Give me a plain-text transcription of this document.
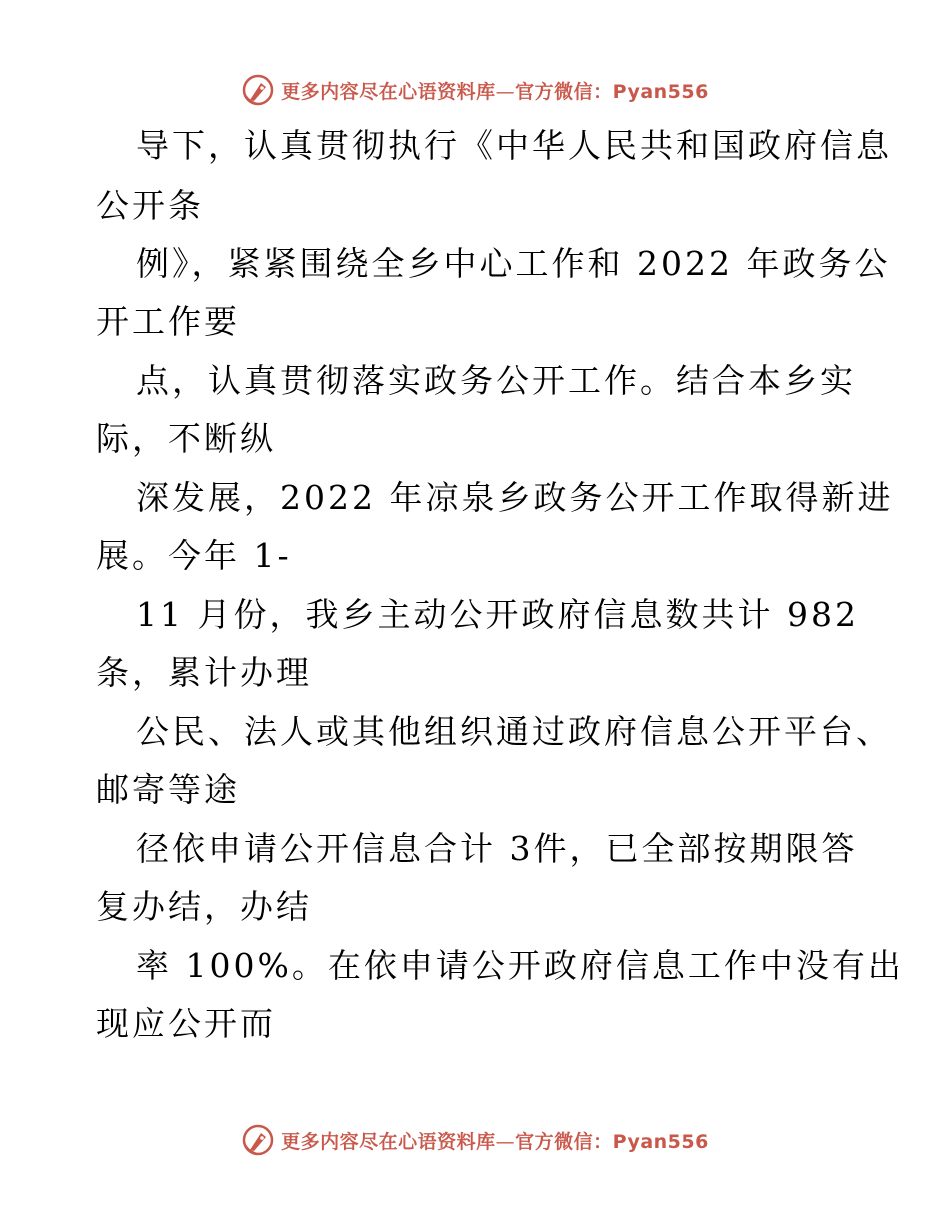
更多内容尽在心语资料库—官方微信：Pyan556
导下，认真贯彻执行《中华人民共和国政府信息
公开条
例》，紧紧围绕全乡中心工作和 2022 年政务公
开工作要
点，认真贯彻落实政务公开工作。结合本乡实
际，不断纵
深发展，2022 年凉泉乡政务公开工作取得新进
展。今年 1-
11 月份，我乡主动公开政府信息数共计 982
条，累计办理
公民、法人或其他组织通过政府信息公开平台、
邮寄等途
径依申请公开信息合计 3件，已全部按期限答
复办结，办结
率 100%。在依申请公开政府信息工作中没有出
现应公开而
更多内容尽在心语资料库—官方微信：Pyan556
